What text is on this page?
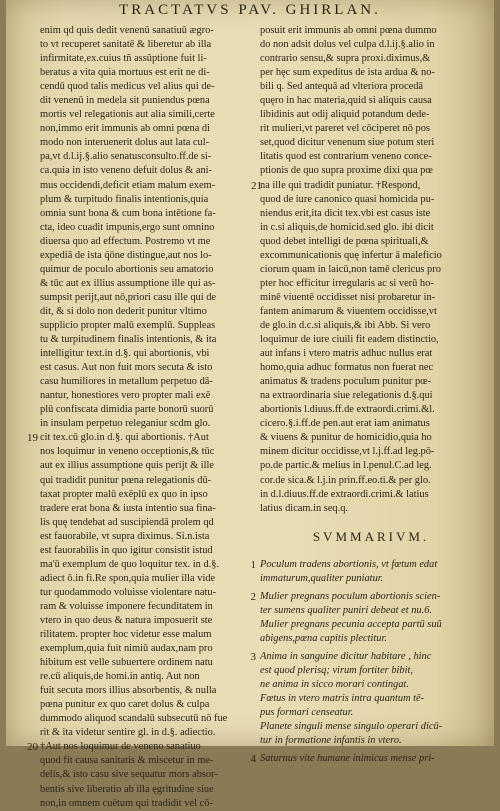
TRACTATVS PAV. GHIRLAN.
enim qd quis dedit venenū sanatiuū ægro-
to vt recuperet sanitatē & liberetur ab illa
infirmitate,ex.cuius tñ assūptione fuit li-
beratus a vita quia mortuus est erit ne di-
cendū quod talis medicus vel alius qui de-
dit venenū in medela sit puniendus pœna
mortis vel relegationis aut alia simili,certe
non,immo erit immunis ab omni pœna di
modo non interuenerit dolus aut lata cul-
pa,vt d.l.ij.§.alio senatusconsulto.ff.de si-
ca.quia in isto veneno defuit dolus & ani-
mus occidendi,deficit etiam malum exem-
plum & turpitudo finalis intentionis,quia
omnia sunt bona & cum bona intētione fa-
cta, ideo cuadit impunis,ergo sunt omnino
diuersa quo ad effectum. Postremo vt me
expediā de ista q̄ōne distingue,aut nos lo-
quimur de poculo abortionis seu amatorio
& tūc aut ex illius assumptione ille qui as-
sumpsit perijt,aut nō,priori casu ille qui de
dit, & si dolo non dederit punitur vltimo
supplicio propter malū exemplū. Suppleas
tu & turpitudinem finalis intentionis, & ita
intelligitur text.in d.§. qui abortionis, vbi
est casus. Aut non fuit mors secuta & isto
casu humiliores in metallum perpetuo dā-
nantur, honestiores vero propter mali exē
plū confiscata dimidia parte bonorū suorū
in insulam perpetuo releganiur scdm glo.
19 cit tex.cū glo.in d.§. qui abortionis. †Aut
nos loquimur in veneno occeptionis,& tūc
aut ex illius assumptione quis perijt & ille
qui tradidit punitur pœna relegationis dū-
taxat propter malū exēplū ex quo in ipso
tradere erat bona & iusta intentio sua fina-
lis quę tendebat ad suscipiendā prolem qd
est fauorabile, vt supra diximus. Si.n.ista
est fauorabilis in quo igitur consistit istud
ma'ū exemplum de quo loquitur tex. in d.§.
adiect ō.in fi.Re spon,quia mulier illa vide
tur quodammodo voluisse violentare natu-
ram & voluisse imponere fecunditatem in
vtero in quo deus & natura imposuerit ste
rilitatem. propter hoc videtur esse malum
exemplum,quia fuit nimiū audax,nam pro
hibitum est velle subuertere ordinem natu
re.cū aliquis,de homi.in antiq. Aut non
fuit secuta mors illius absorbentis, & nulla
pœna punitur ex quo caret dolus & culpa
dummodo aliquod scandalū subsecutū nō fue
rit & ita videtur sentire gl. in d.§. adiectio.
20 †Aut nos loquimur de veneno sanatiuo
quod fit causa sanitatis & miscetur in me-
delis,& isto casu sive sequatur mors absor-
bentis sive liberatio ab illa ęgritudine siue
non,in omnem cuētum qui tradidit vel cō-
posuit erit immunis ab omni pœna dummo
do non adsit dolus vel culpa d.l.ij.§.alio in
contrario sensu,& supra proxi.diximus,&
per hęc sum expeditus de ista ardua & no-
bili q. Sed antequā ad vlteriora procedā
quęro in hac materia,quid si aliquis causa
libidinis aut odij aliquid potandum dede-
rit mulieri,vt pareret vel cōciperet nō pos
set,quod dicitur venenum siue potum steri
litatis quod est contrarium veneno conce-
ptionis de quo supra proxime dixi qua pœ
21
na ille qui tradidit puniatur. †Respond,
quod de iure canonico quasi homicida pu-
niendus erit,ita dicit tex.vbi est casus iste
in c.si aliquis,de homicid.sed glo. ibi dicit
quod debet intelligi de pœna spirituali,&
excommunicationis quę infertur ā maleficio
ciorum quam in laicū,non tamē clericus pro
pter hoc efficitur irregularis ac si verū ho-
minē viuentē occidisset nisi probaretur in-
fantem animarum & viuentem occidisse,vt
de glo.in d.c.si aliquis,& ibi Abb. Si vero
loquimur de iure ciuili fit eadem distinctio,
aut infans i vtero matris adhuc nullus erat
homo,quia adhuc formatus non fuerat nec
animatus & tradens poculum punitur pœ-
na extraordinaria siue relegationis d.§.qui
abortionis l.diuus.ff.de extraordi.crimi.&l.
cicero.§.i.ff.de pen.aut erat iam animatus
& viuens & punitur de homicidio,quia ho
minem dicitur occidisse,vt l.j.ff.ad leg.pō-
po.de partic.& melius in l.penul.C.ad leg.
cor.de sica.& l.j.in prin.ff.eo.ti.& per glo.
in d.l.diuus.ff.de extraordi.crimi.& latius
latius dicam.in seq.q.
SVMMARIVM.
1 Poculum tradens abortionis, vt fœtum edat
immaturum,qualiter puniatur.
2 Mulier pregnans poculum abortionis scien-
ter sumens qualiter puniri debeat et nu.6.
Mulier pregnans pecunia accepta partū suū
abigens,pœna capitis plectitur.
3 Anima in sanguine dicitur habitare , hinc
est quod plerisq; virum fortiter bibit,
ne anima in sicco morari contingat.
Fœtus in vtero matris intra quantum tē-
pus formari censeatur.
Planete singuli mense singulo operari dicū-
tur in formatione infantis in vtero.
4 Saturnus vite humane inimicus mense pri-
